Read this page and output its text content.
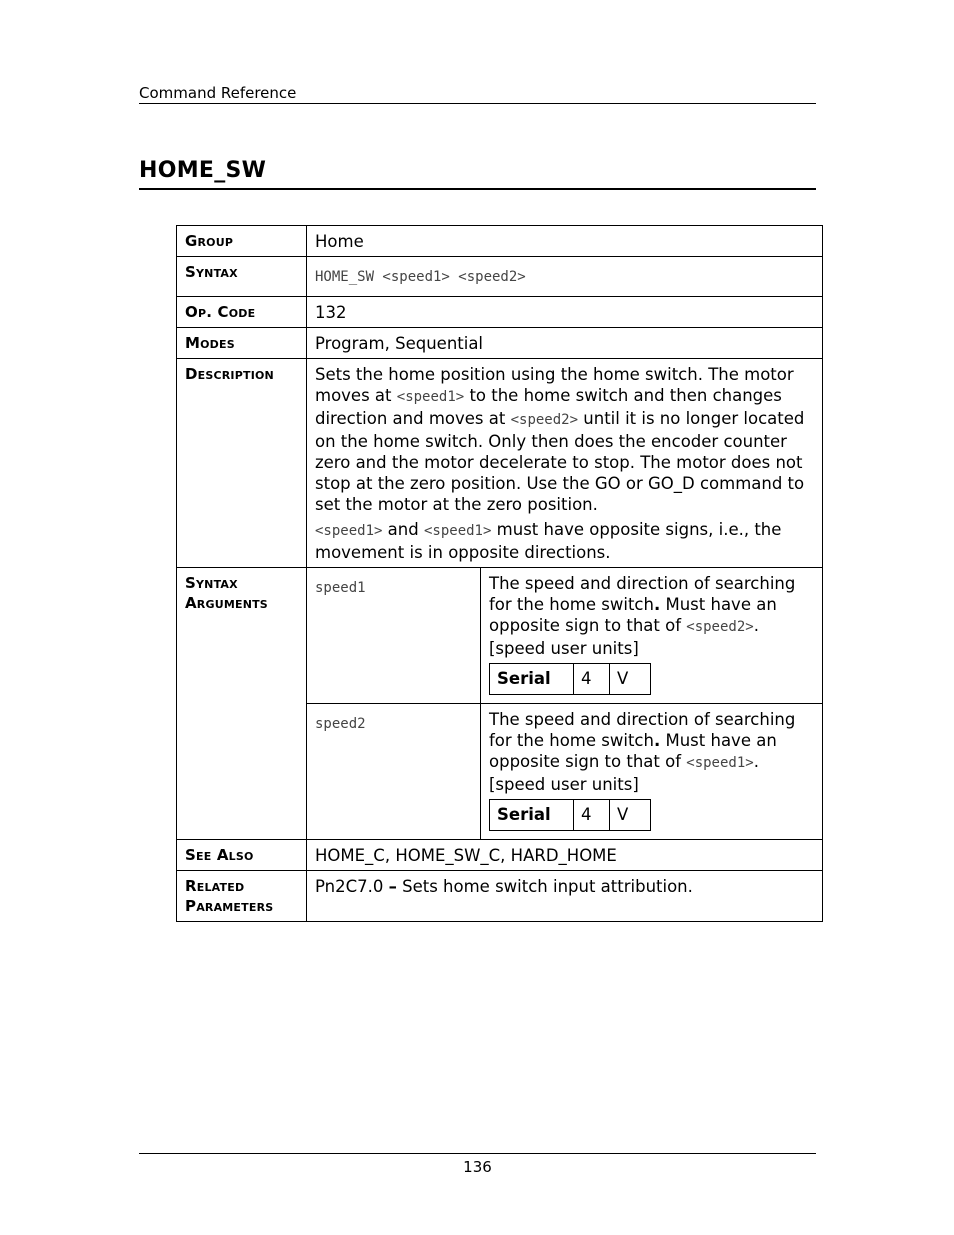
Command Reference
HOME_SW
Group	Home
Syntax	HOME_SW <speed1> <speed2>
Op. Code	132
Modes	Program, Sequential
Description	Sets the home position using the home switch. The motor moves at <speed1> to the home switch and then changes direction and moves at <speed2> until it is no longer located on the home switch. Only then does the encoder counter zero and the motor decelerate to stop. The motor does not stop at the zero position. Use the GO or GO_D command to set the motor at the zero position.

<speed1> and <speed1> must have opposite signs, i.e., the movement is in opposite directions.

Syntax
Arguments	speed1	The speed and direction of searching for the home switch. Must have an opposite sign to that of <speed2>.
[speed user units]
Serial	4	V

speed2	The speed and direction of searching for the home switch. Must have an opposite sign to that of <speed1>.
[speed user units]
Serial	4	V

See Also	HOME_C, HOME_SW_C, HARD_HOME
Related
Parameters	Pn2C7.0 – Sets home switch input attribution.
136
